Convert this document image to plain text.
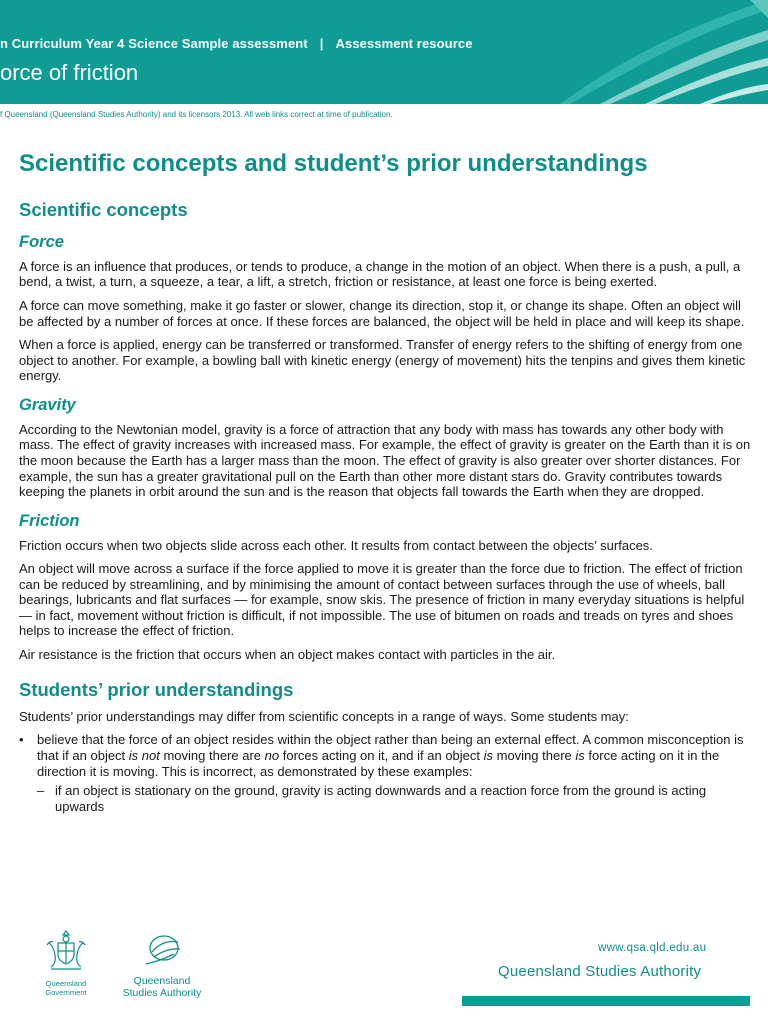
n Curriculum Year 4 Science Sample assessment | Assessment resource
orce of friction
f Queensland (Queensland Studies Authority) and its licensors 2013. All web links correct at time of publication.
Scientific concepts and student’s prior understandings
Scientific concepts
Force

A force is an influence that produces, or tends to produce, a change in the motion of an object. When there is a push, a pull, a bend, a twist, a turn, a squeeze, a tear, a lift, a stretch, friction or resistance, at least one force is being exerted.

A force can move something, make it go faster or slower, change its direction, stop it, or change its shape. Often an object will be affected by a number of forces at once. If these forces are balanced, the object will be held in place and will keep its shape.

When a force is applied, energy can be transferred or transformed. Transfer of energy refers to the shifting of energy from one object to another. For example, a bowling ball with kinetic energy (energy of movement) hits the tenpins and gives them kinetic energy.

Gravity

According to the Newtonian model, gravity is a force of attraction that any body with mass has towards any other body with mass. The effect of gravity increases with increased mass. For example, the effect of gravity is greater on the Earth than it is on the moon because the Earth has a larger mass than the moon. The effect of gravity is also greater over shorter distances. For example, the sun has a greater gravitational pull on the Earth than other more distant stars do. Gravity contributes towards keeping the planets in orbit around the sun and is the reason that objects fall towards the Earth when they are dropped.

Friction

Friction occurs when two objects slide across each other. It results from contact between the objects’ surfaces.

An object will move across a surface if the force applied to move it is greater than the force due to friction. The effect of friction can be reduced by streamlining, and by minimising the amount of contact between surfaces through the use of wheels, ball bearings, lubricants and flat surfaces — for example, snow skis. The presence of friction in many everyday situations is helpful — in fact, movement without friction is difficult, if not impossible. The use of bitumen on roads and treads on tyres and shoes helps to increase the effect of friction.

Air resistance is the friction that occurs when an object makes contact with particles in the air.

Students’ prior understandings

Students’ prior understandings may differ from scientific concepts in a range of ways. Some students may:

• believe that the force of an object resides within the object rather than being an external effect. A common misconception is that if an object is not moving there are no forces acting on it, and if an object is moving there is force acting on it in the direction it is moving. This is incorrect, as demonstrated by these examples:
– if an object is stationary on the ground, gravity is acting downwards and a reaction force from the ground is acting upwards
Queensland
Government
Queensland
Studies Authority
www.qsa.qld.edu.au
Queensland Studies Authority
